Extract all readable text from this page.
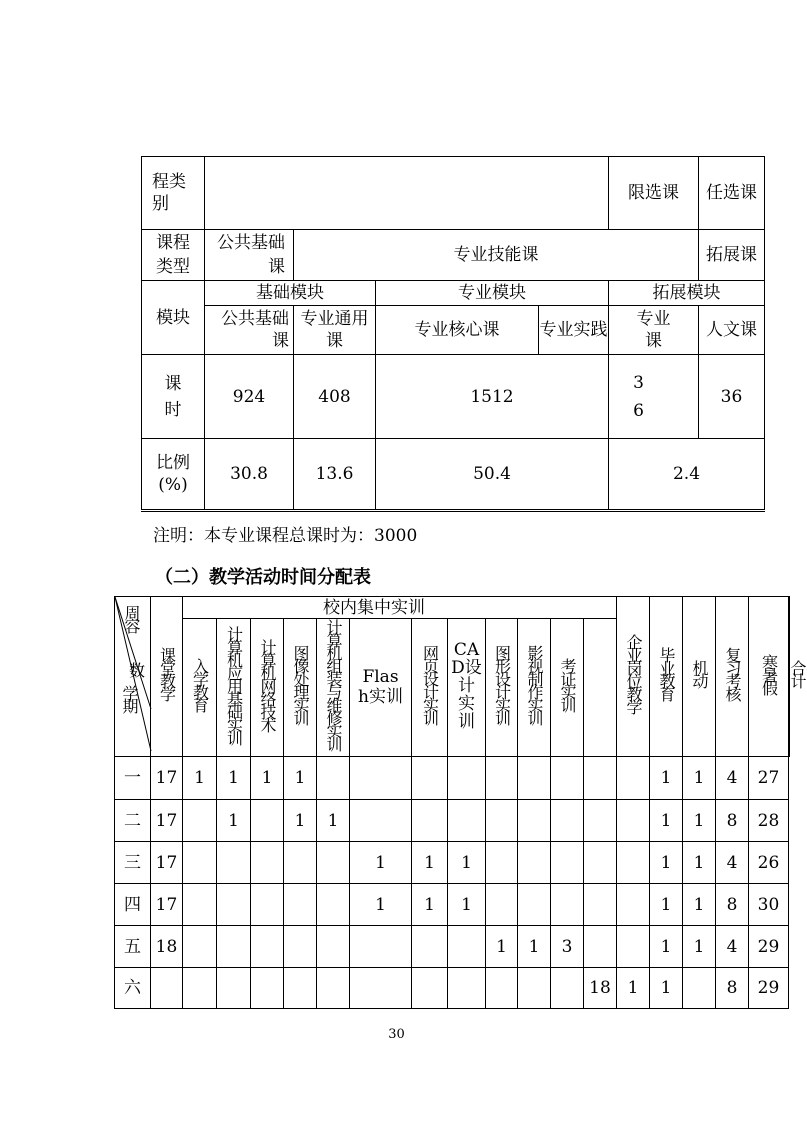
程类别					限选课	任选课
课程类型	公共基础课	专业技能课				拓展课
模块	基础模块		专业模块		拓展模块	
	公共基础课	专业通用课	专业核心课	专业实践	专业课	人文课
课时	924	408	1512		36	36
比例(%)	30.8	13.6	50.4		2.4	
注明：本专业课程总课时为：3000
（二）教学活动时间分配表
周容
数
学期	课堂教学	校内集中实训												企业岗位教学	毕业教育	机动	复习考核	寒暑假	合计
		入学教育	计算机应用基础实训	计算机网络技术	图像处理实训	计算机组装与维修实训	Flash实训	网页设计实训	CAD设计实训	图形设计实训	影视制作实训	考证实训							
一	17	1	1	1	1										1	1	4	27	
二	17		1		1	1									1	1	8	28	
三	17						1	1	1						1	1	4	26	
四	17						1	1	1						1	1	8	30	
五	18									1	1	3			1	1	4	29	
六													18	1	1		8	29	
30
